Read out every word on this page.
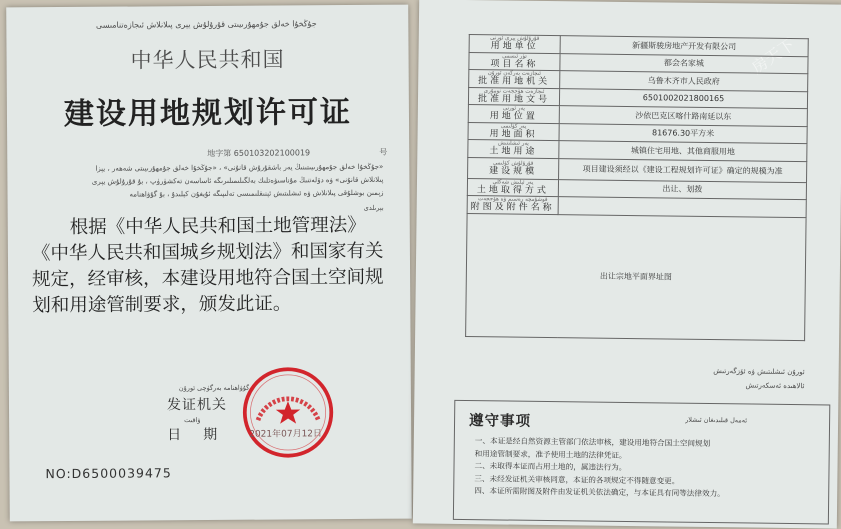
جۇڭخۇا خەلق جۇمھۇرىيىتى قۇرۇلۇش يېرى پىلانلاش ئىجازەتنامىسى
中华人民共和国
建设用地规划许可证
地字第 650103202100019	号
«جۇڭخۇا خەلق جۇمھۇرىيىتىنىڭ يەر باشقۇرۇش قانۇنى» ، «جۇڭخۇا خەلق جۇمھۇرىيىتى شەھەر ، يېزا
پىلانلاش قانۇنى» ۋە دۆلەتنىڭ مۇناسىۋەتلىك بەلگىلىمىلىرىگە ئاساسەن تەكشۈرۈپ ، بۇ قۇرۇلۇش يېرى
زېمىن بوشلۇقى پىلانلاش ۋە ئىشلىتىش ئېنىقلىمىسى تەلىپىگە ئۇيغۇن كېلىدۇ ، بۇ گۇۋاھنامە
بېرىلدى
根据《中华人民共和国土地管理法》《中华人民共和国城乡规划法》和国家有关规定，经审核，本建设用地符合国土空间规划和用途管制要求，颁发此证。
گۇۋاھنامە بەرگۈچى ئورۇن
发证机关
ۋاقىت
日期 2021年07月12日
NO:D6500039475
房天下
قۇرۇلۇش يېرى ئورنى
用地单位	新疆斯骏房地产开发有限公司

تۈر ئىسمى
项目名称	都会名家城

ئىجازەت بەرگەن ئورۇن
批准用地机关	乌鲁木齐市人民政府

ئىجازەت ھۆججەت نومۇرى
批准用地文号	6501002021800165

يەر ئورنى
用地位置	沙依巴克区喀什路南延以东

يەر كۆلىمى
用地面积	81676.30平方米

يەر ئىشلىتىش
土地用途	城镇住宅用地、其他商服用地

قۇرۇلۇش كۆلىمى
建设规模	项目建设须经以《建设工程规划许可证》确定的规模为准

يەر ئېلىش شەكلى
土地取得方式	出让、划拨

قوشۇمچە رەسىم ۋە ھۆججەت
附图及附件名称	

出让宗地平面界址图	
ئورۇن ئىشلىتىش ۋە ئۆزگەرتىش
ئالاھىدە ئەسكەرتىش
遵守事项	ئەمەل قىلىدىغان ئىشلار
一、本证是经自然资源主管部门依法审核，建设用地符合国土空间规划
和用途管制要求，准予使用土地的法律凭证。
二、未取得本证而占用土地的，属违法行为。
三、未经发证机关审核同意，本证的各项规定不得随意变更。
四、本证所需附图及附件由发证机关依法确定，与本证具有同等法律效力。
